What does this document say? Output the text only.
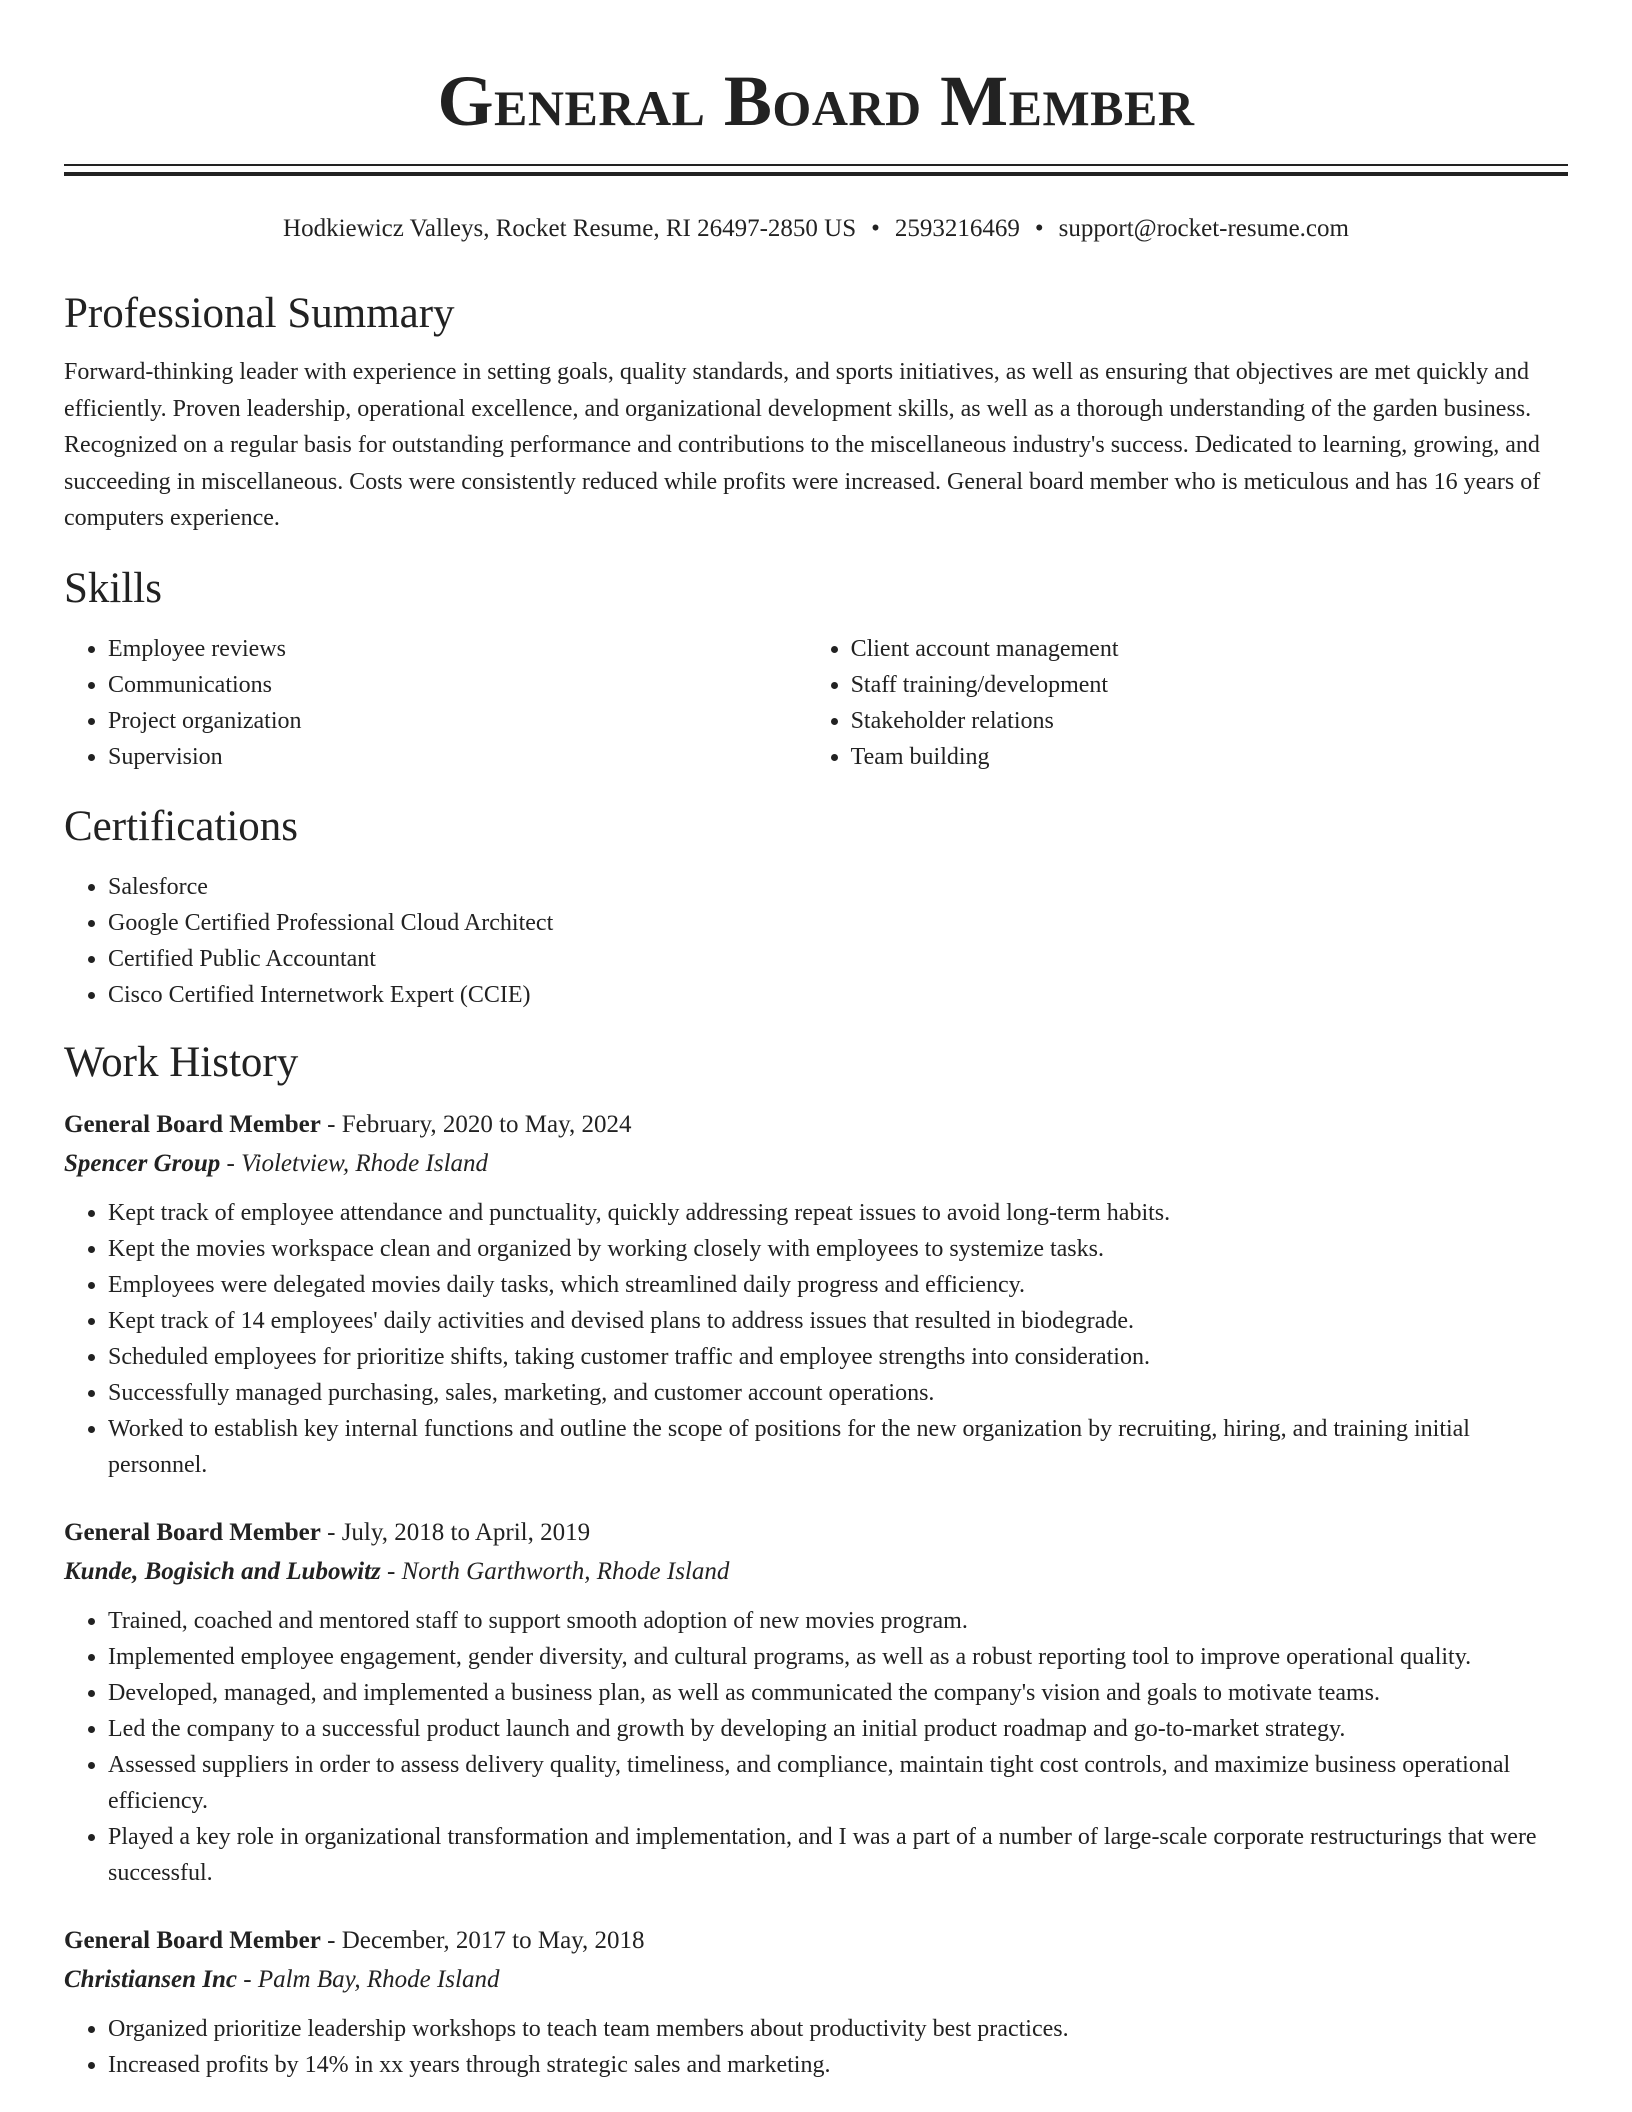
General Board Member
Hodkiewicz Valleys, Rocket Resume, RI 26497-2850 US • 2593216469 • support@rocket-resume.com
Professional Summary

Forward-thinking leader with experience in setting goals, quality standards, and sports initiatives, as well as ensuring that objectives are met quickly and efficiently. Proven leadership, operational excellence, and organizational development skills, as well as a thorough understanding of the garden business. Recognized on a regular basis for outstanding performance and contributions to the miscellaneous industry's success. Dedicated to learning, growing, and succeeding in miscellaneous. Costs were consistently reduced while profits were increased. General board member who is meticulous and has 16 years of computers experience.

Skills
• Employee reviews
• Communications
• Project organization
• Supervision
• Client account management
• Staff training/development
• Stakeholder relations
• Team building
Certifications
• Salesforce
• Google Certified Professional Cloud Architect
• Certified Public Accountant
• Cisco Certified Internetwork Expert (CCIE)
Work History
General Board Member - February, 2020 to May, 2024
Spencer Group - Violetview, Rhode Island
• Kept track of employee attendance and punctuality, quickly addressing repeat issues to avoid long-term habits.
• Kept the movies workspace clean and organized by working closely with employees to systemize tasks.
• Employees were delegated movies daily tasks, which streamlined daily progress and efficiency.
• Kept track of 14 employees' daily activities and devised plans to address issues that resulted in biodegrade.
• Scheduled employees for prioritize shifts, taking customer traffic and employee strengths into consideration.
• Successfully managed purchasing, sales, marketing, and customer account operations.
• Worked to establish key internal functions and outline the scope of positions for the new organization by recruiting, hiring, and training initial personnel.
General Board Member - July, 2018 to April, 2019
Kunde, Bogisich and Lubowitz - North Garthworth, Rhode Island
• Trained, coached and mentored staff to support smooth adoption of new movies program.
• Implemented employee engagement, gender diversity, and cultural programs, as well as a robust reporting tool to improve operational quality.
• Developed, managed, and implemented a business plan, as well as communicated the company's vision and goals to motivate teams.
• Led the company to a successful product launch and growth by developing an initial product roadmap and go-to-market strategy.
• Assessed suppliers in order to assess delivery quality, timeliness, and compliance, maintain tight cost controls, and maximize business operational efficiency.
• Played a key role in organizational transformation and implementation, and I was a part of a number of large-scale corporate restructurings that were successful.
General Board Member - December, 2017 to May, 2018
Christiansen Inc - Palm Bay, Rhode Island
• Organized prioritize leadership workshops to teach team members about productivity best practices.
• Increased profits by 14% in xx years through strategic sales and marketing.
